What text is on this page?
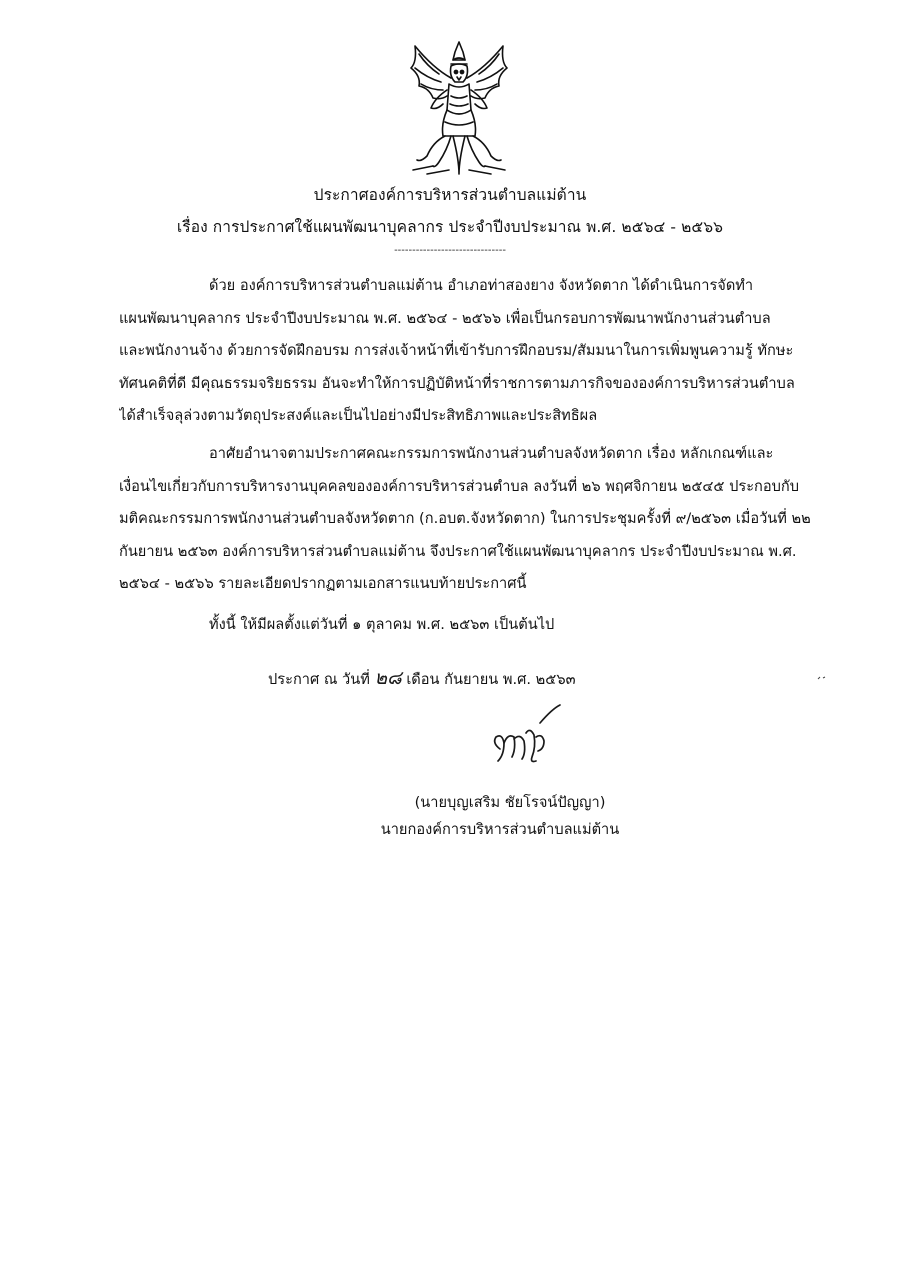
ประกาศองค์การบริหารส่วนตำบลแม่ต้าน
เรื่อง การประกาศใช้แผนพัฒนาบุคลากร ประจำปีงบประมาณ พ.ศ. ๒๕๖๔ - ๒๕๖๖
-------------------------------
ด้วย องค์การบริหารส่วนตำบลแม่ต้าน อำเภอท่าสองยาง จังหวัดตาก ได้ดำเนินการจัดทำ
แผนพัฒนาบุคลากร ประจำปีงบประมาณ พ.ศ. ๒๕๖๔ - ๒๕๖๖ เพื่อเป็นกรอบการพัฒนาพนักงานส่วนตำบล
และพนักงานจ้าง ด้วยการจัดฝึกอบรม การส่งเจ้าหน้าที่เข้ารับการฝึกอบรม/สัมมนาในการเพิ่มพูนความรู้ ทักษะ
ทัศนคติที่ดี มีคุณธรรมจริยธรรม อันจะทำให้การปฏิบัติหน้าที่ราชการตามภารกิจขององค์การบริหารส่วนตำบล
ได้สำเร็จลุล่วงตามวัตถุประสงค์และเป็นไปอย่างมีประสิทธิภาพและประสิทธิผล
อาศัยอำนาจตามประกาศคณะกรรมการพนักงานส่วนตำบลจังหวัดตาก เรื่อง หลักเกณฑ์และ
เงื่อนไขเกี่ยวกับการบริหารงานบุคคลขององค์การบริหารส่วนตำบล ลงวันที่ ๒๖ พฤศจิกายน ๒๕๔๕ ประกอบกับ
มติคณะกรรมการพนักงานส่วนตำบลจังหวัดตาก (ก.อบต.จังหวัดตาก) ในการประชุมครั้งที่ ๙/๒๕๖๓ เมื่อวันที่ ๒๒
กันยายน ๒๕๖๓ องค์การบริหารส่วนตำบลแม่ต้าน จึงประกาศใช้แผนพัฒนาบุคลากร ประจำปีงบประมาณ พ.ศ.
๒๕๖๔ - ๒๕๖๖ รายละเอียดปรากฏตามเอกสารแนบท้ายประกาศนี้
ทั้งนี้ ให้มีผลตั้งแต่วันที่ ๑ ตุลาคม พ.ศ. ๒๕๖๓ เป็นต้นไป
ประกาศ ณ วันที่ ๒๘ เดือน กันยายน พ.ศ. ๒๕๖๓
(นายบุญเสริม ชัยโรจน์ปัญญา)
นายกองค์การบริหารส่วนตำบลแม่ต้าน
